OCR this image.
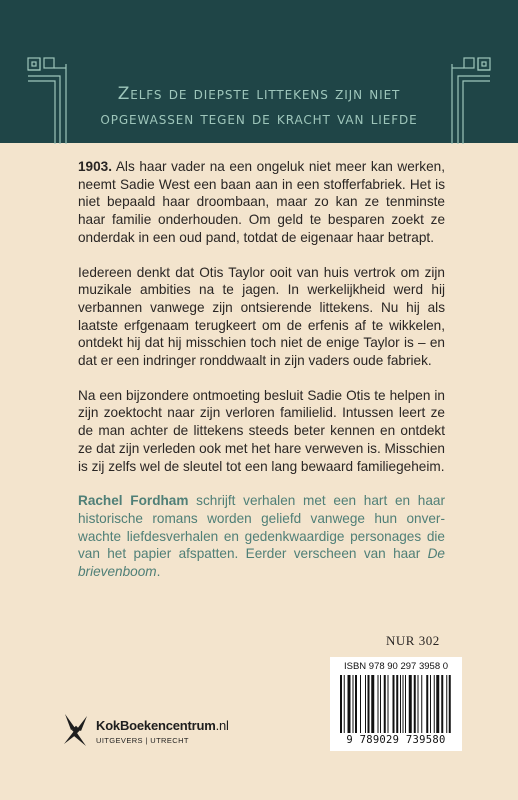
Zelfs de diepste littekens zijn niet
opgewassen tegen de kracht van liefde

1903. Als haar vader na een ongeluk niet meer kan werken, neemt Sadie West een baan aan in een stofferfabriek. Het is niet bepaald haar droombaan, maar zo kan ze tenminste haar familie onderhouden. Om geld te besparen zoekt ze onderdak in een oud pand, totdat de eigenaar haar betrapt.

Iedereen denkt dat Otis Taylor ooit van huis vertrok om zijn muzikale ambities na te jagen. In werkelijkheid werd hij verbannen vanwege zijn ontsierende littekens. Nu hij als laatste erfgenaam terugkeert om de erfenis af te wikkelen, ontdekt hij dat hij misschien toch niet de enige Taylor is – en dat er een indringer ronddwaalt in zijn vaders oude fabriek.

Na een bijzondere ontmoeting besluit Sadie Otis te helpen in zijn zoektocht naar zijn verloren familielid. Intussen leert ze de man achter de littekens steeds beter kennen en ontdekt ze dat zijn verleden ook met het hare verweven is. Misschien is zij zelfs wel de sleutel tot een lang bewaard familiegeheim.

Rachel Fordham schrijft verhalen met een hart en haar historische romans worden geliefd vanwege hun onverwachte liefdesverhalen en gedenkwaardige personages die van het papier afspatten. Eerder verscheen van haar De brievenboom.

NUR 302
ISBN 978 90 297 3958 0
9 789029 739580
KokBoekencentrum.nl
UITGEVERS | UTRECHT
